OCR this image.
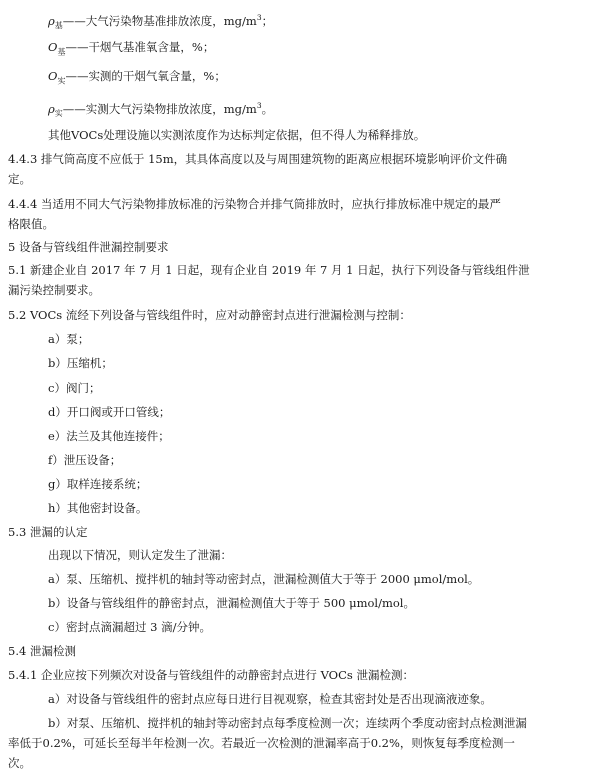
$\rho_基——$大气污染物基准排放浓度，$mg/m^3$；
$O_基——$干烟气基准氧含量，%；
$O_实——$实测的干烟气氧含量，%；
$\rho_实——$实测大气污染物排放浓度，$mg/m^3$。
其他VOCs处理设施以实测浓度作为达标判定依据，但不得人为稀释排放。
4.4.3 排气筒高度不应低于 15m，其具体高度以及与周围建筑物的距离应根据环境影响评价文件确
定。
4.4.4 当适用不同大气污染物排放标准的污染物合并排气筒排放时，应执行排放标准中规定的最严
格限值。
5 设备与管线组件泄漏控制要求
5.1 新建企业自 2017 年 7 月 1 日起，现有企业自 2019 年 7 月 1 日起，执行下列设备与管线组件泄
漏污染控制要求。
5.2 VOCs 流经下列设备与管线组件时，应对动静密封点进行泄漏检测与控制：
a）泵；
b）压缩机；
c）阀门；
d）开口阀或开口管线；
e）法兰及其他连接件；
f）泄压设备；
g）取样连接系统；
h）其他密封设备。
5.3 泄漏的认定
出现以下情况，则认定发生了泄漏：
a）泵、压缩机、搅拌机的轴封等动密封点，泄漏检测值大于等于 2000 μmol/mol。
b）设备与管线组件的静密封点，泄漏检测值大于等于 500 μmol/mol。
c）密封点滴漏超过 3 滴/分钟。
5.4 泄漏检测
5.4.1 企业应按下列频次对设备与管线组件的动静密封点进行 VOCs 泄漏检测：
a）对设备与管线组件的密封点应每日进行目视观察，检查其密封处是否出现滴液迹象。
b）对泵、压缩机、搅拌机的轴封等动密封点每季度检测一次；连续两个季度动密封点检测泄漏
率低于0.2%，可延长至每半年检测一次。若最近一次检测的泄漏率高于0.2%，则恢复每季度检测一
次。
